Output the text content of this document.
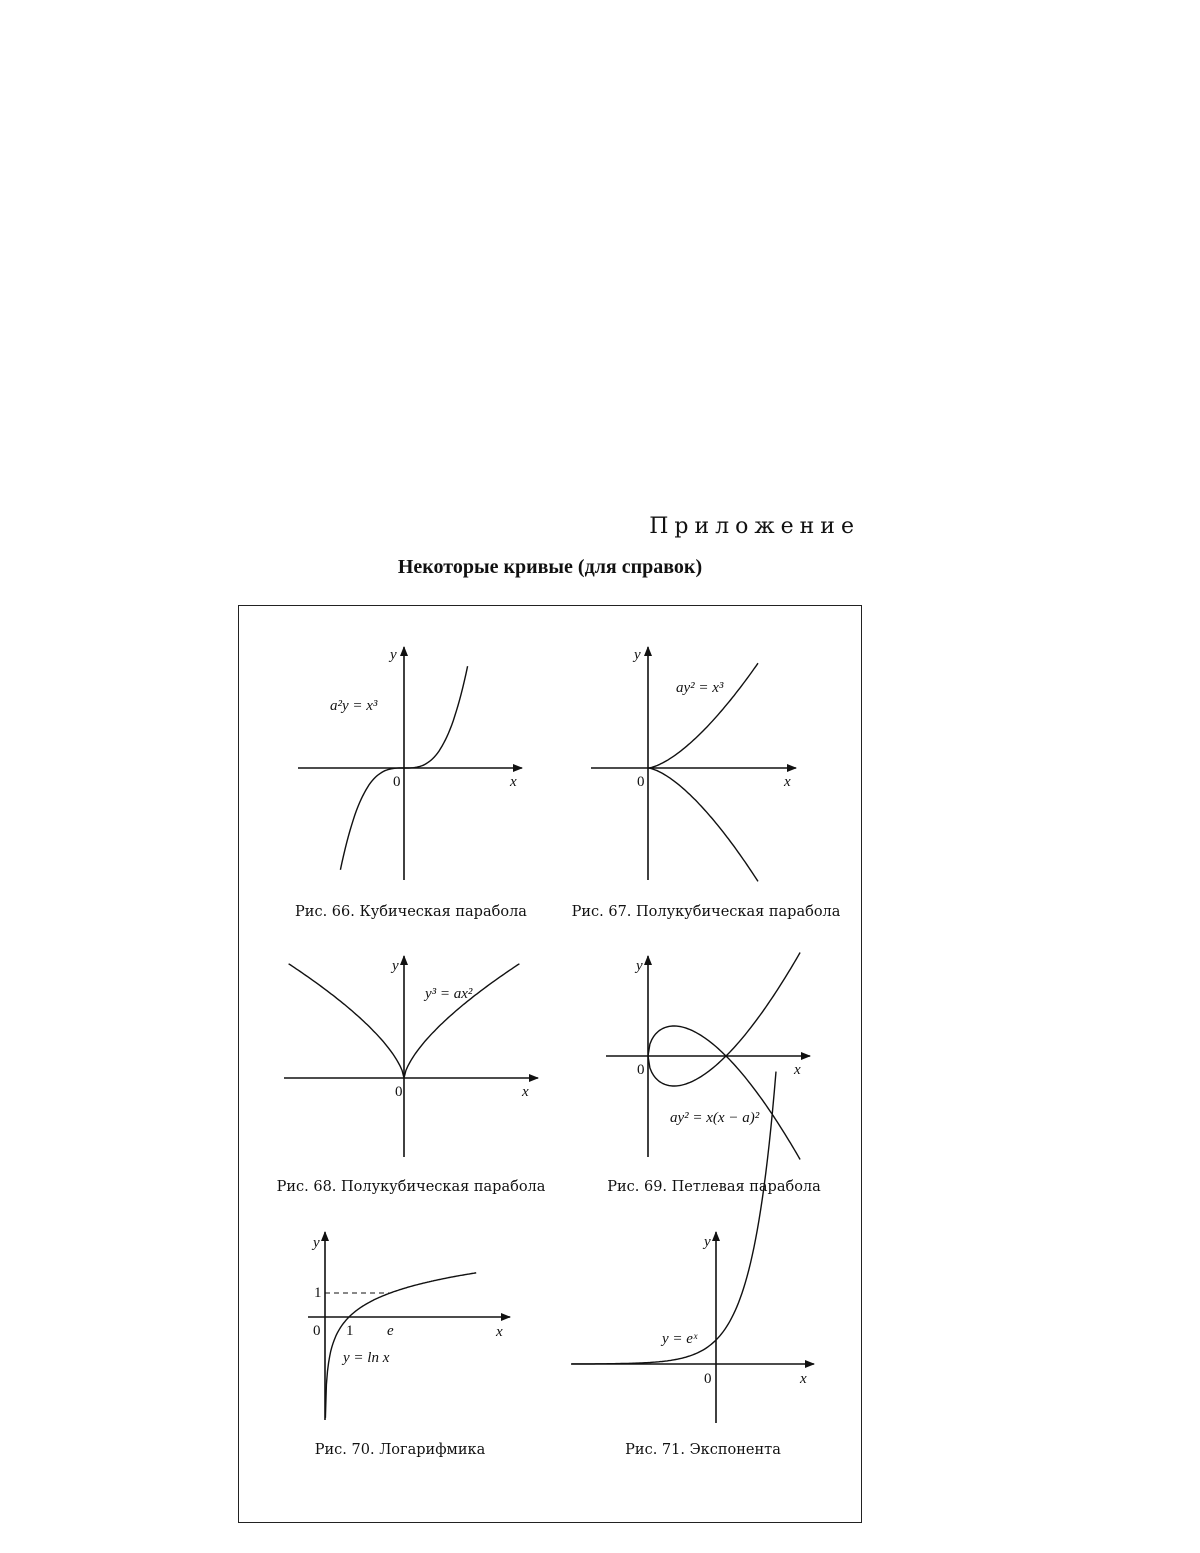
Приложение
Некоторые кривые (для справок)
y
x
0
a²y = x³
Рис. 66. Кубическая парабола
y
x
0
ay² = x³
Рис. 67. Полукубическая парабола
y
x
0
y³ = ax²
Рис. 68. Полукубическая парабола
y
x
0
ay² = x(x − a)²
Рис. 69. Петлевая парабола
y
x
0 1 e
1
y = ln x
Рис. 70. Логарифмика
y
x
0
y = eˣ
Рис. 71. Экспонента
